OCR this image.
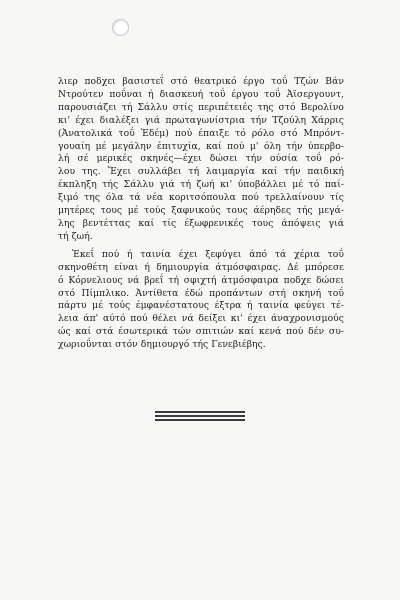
λιερ ποδχει βασιστεΐ στό θεατρικό έργο τοΰ Τζών Βάν
Ντρούτεν ποΰναι ή διασκευή τοΰ έργου τοΰ Ἀϊσεργουντ,
παρουσιάζει τή Σάλλυ στίς περιπέτειές της στό Βερολίνο
κι' έχει διαλέξει γιά πρωταγωνίστρια τήν Τζούλη Χάρρις
(Ἀνατολικά τοΰ Ἐδέμ) πού έπαιξε τό ρόλο στό Μπρόντ-
γουαίη μέ μεγάλην έπιτυχία, καί πού μ' όλη τήν ύπερβο-
λή σέ μερικές σκηνές—έχει δώσει τήν ούσία τοΰ ρό-
λου της. Ἔχει συλλάβει τή λαιμαργία καί τήν παιδική
έκπληξη τής Σάλλυ γιά τή ζωή κι' ύποβάλλει μέ τό παί-
ξιμό της όλα τά νέα κοριτσόπουλα πού τρελλαίνουν τίς
μητέρες τους μέ τούς ξαφνικούς τους άέρηδες τής μεγά-
λης βεντέττας καί τίς έξωφρενικές τους άπόψεις γιά
τή ζωή.
Ἐκεΐ πού ή ταινία έχει ξεφύγει άπό τά χέρια τοΰ
σκηνοθέτη είναι ή δημιουργία άτμόσφαιρας. Δέ μπόρεσε
ό Κόρνελιους νά βρεΐ τή σφιχτή άτμόσφαιρα ποδχε δώσει
στό Πίμπλικο. Ἀντίθετα έδώ προπάντων στή σκηνή τοΰ
πάρτυ μέ τούς έμφανέστατους έξτρα ή ταινία φεύγει τέ-
λεια άπ' αύτό πού θέλει νά δείξει κι' έχει άναχρονισμούς
ώς καί στά έσωτερικά τών σπιτιών καί κενά πού δέν συ-
χωριοΰνται στόν δημιουργό τής Γενεβιέβης.
